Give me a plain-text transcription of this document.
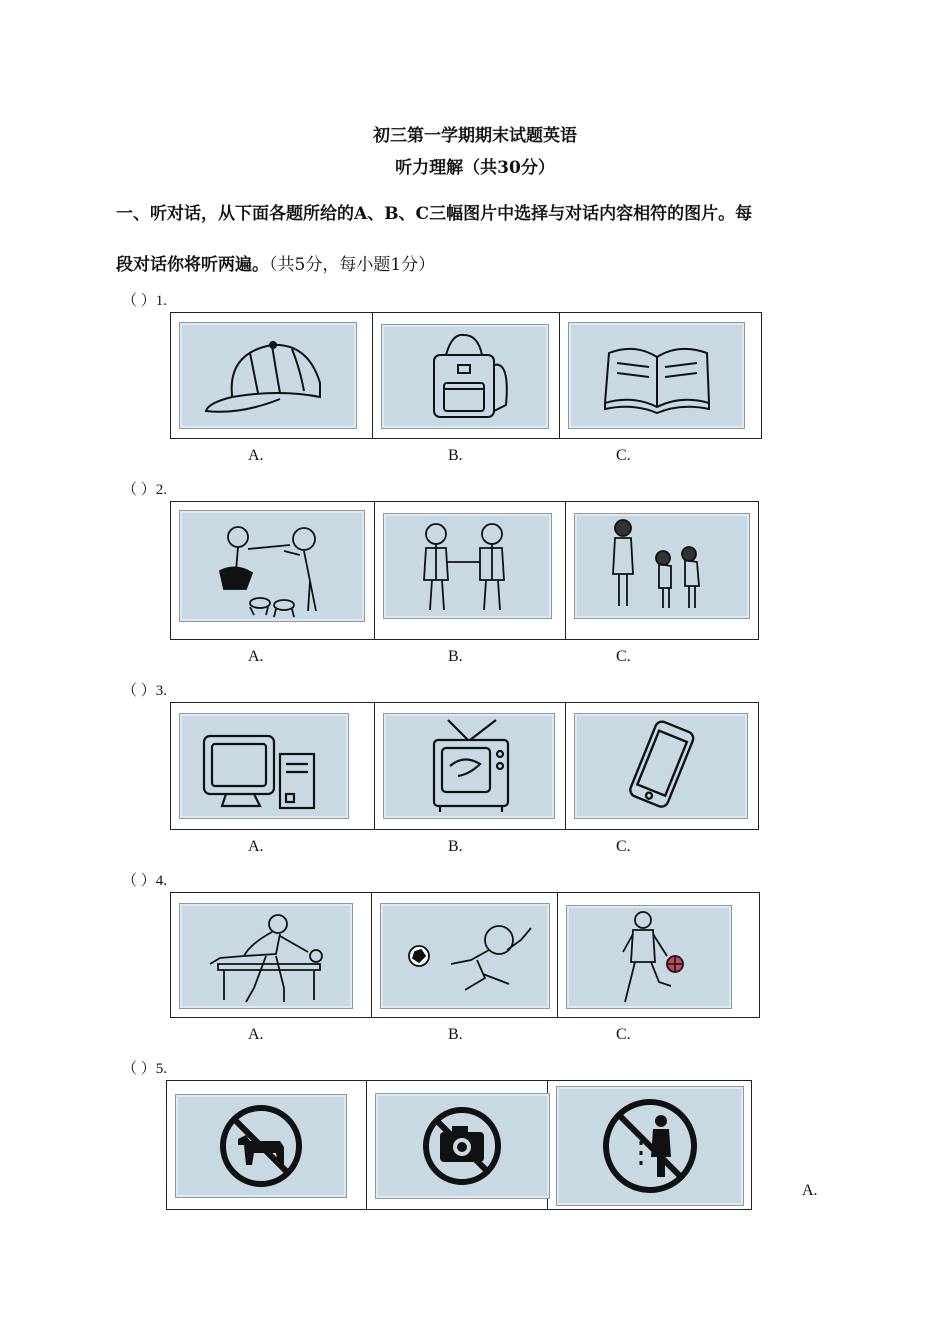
初三第一学期期末试题英语
听力理解（共30分）
一、听对话，从下面各题所给的A、B、C三幅图片中选择与对话内容相符的图片。每
段对话你将听两遍。（共5分，每小题1分）
（ ）1.
A.	B.	C.
（ ）2.
A.	B.	C.
（ ）3.
A.	B.	C.
（ ）4.
A.	B.	C.
（ ）5.
A.
